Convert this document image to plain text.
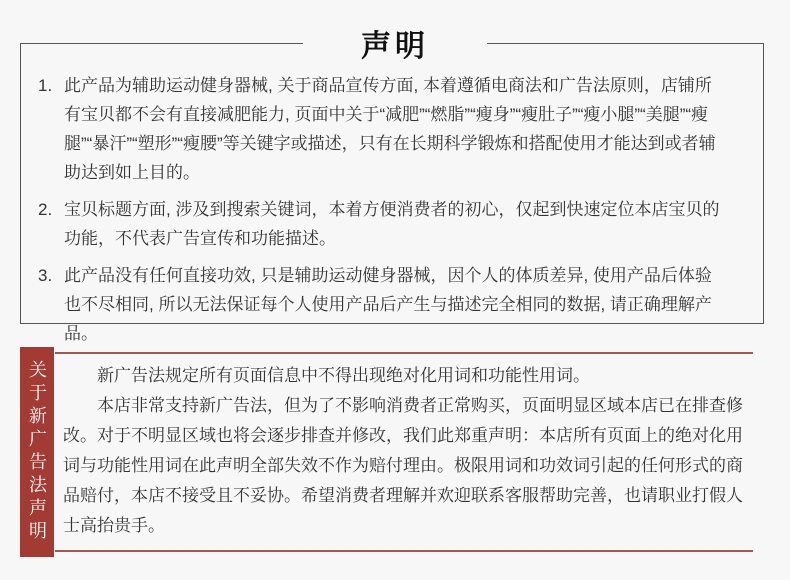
声明
1. 此产品为辅助运动健身器械, 关于商品宣传方面, 本着遵循电商法和广告法原则，店铺所有宝贝都不会有直接减肥能力, 页面中关于“减肥”“燃脂”“瘦身”“瘦肚子”“瘦小腿”“美腿”“瘦腿”“暴汗”“塑形”“瘦腰”等关键字或描述，只有在长期科学锻炼和搭配使用才能达到或者辅助达到如上目的。
2. 宝贝标题方面, 涉及到搜索关键词，本着方便消费者的初心，仅起到快速定位本店宝贝的功能，不代表广告宣传和功能描述。
3. 此产品没有任何直接功效, 只是辅助运动健身器械，因个人的体质差异, 使用产品后体验也不尽相同, 所以无法保证每个人使用产品后产生与描述完全相同的数据, 请正确理解产品。
关于新广告法声明	新广告法规定所有页面信息中不得出现绝对化用词和功能性用词。

本店非常支持新广告法，但为了不影响消费者正常购买，页面明显区域本店已在排查修改。对于不明显区域也将会逐步排查并修改，我们此郑重声明：本店所有页面上的绝对化用词与功能性用词在此声明全部失效不作为赔付理由。极限用词和功效词引起的任何形式的商品赔付，本店不接受且不妥协。希望消费者理解并欢迎联系客服帮助完善，也请职业打假人士高抬贵手。
